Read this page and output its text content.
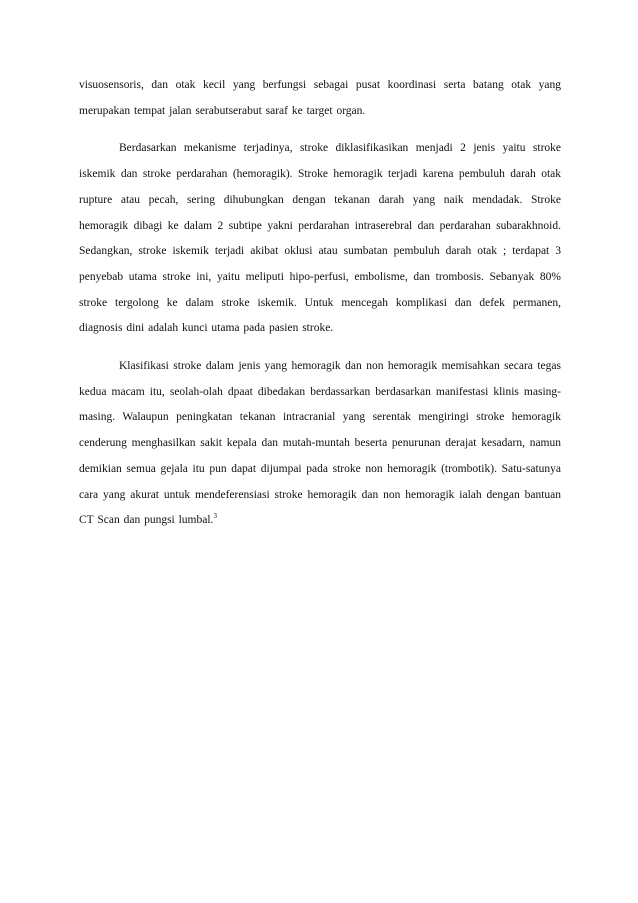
visuosensoris, dan otak kecil yang berfungsi sebagai pusat koordinasi serta batang otak yang merupakan tempat jalan serabutserabut saraf ke target organ.

Berdasarkan mekanisme terjadinya, stroke diklasifikasikan menjadi 2 jenis yaitu stroke iskemik dan stroke perdarahan (hemoragik). Stroke hemoragik terjadi karena pembuluh darah otak rupture atau pecah, sering dihubungkan dengan tekanan darah yang naik mendadak. Stroke hemoragik dibagi ke dalam 2 subtipe yakni perdarahan intraserebral dan perdarahan subarakhnoid. Sedangkan, stroke iskemik terjadi akibat oklusi atau sumbatan pembuluh darah otak ; terdapat 3 penyebab utama stroke ini, yaitu meliputi hipo-perfusi, embolisme, dan trombosis. Sebanyak 80% stroke tergolong ke dalam stroke iskemik. Untuk mencegah komplikasi dan defek permanen, diagnosis dini adalah kunci utama pada pasien stroke.

Klasifikasi stroke dalam jenis yang hemoragik dan non hemoragik memisahkan secara tegas kedua macam itu, seolah-olah dpaat dibedakan berdassarkan berdasarkan manifestasi klinis masing-masing. Walaupun peningkatan tekanan intracranial yang serentak mengiringi stroke hemoragik cenderung menghasilkan sakit kepala dan mutah-muntah beserta penurunan derajat kesadarn, namun demikian semua gejala itu pun dapat dijumpai pada stroke non hemoragik (trombotik). Satu-satunya cara yang akurat untuk mendeferensiasi stroke hemoragik dan non hemoragik ialah dengan bantuan CT Scan dan pungsi lumbal.$^3$
